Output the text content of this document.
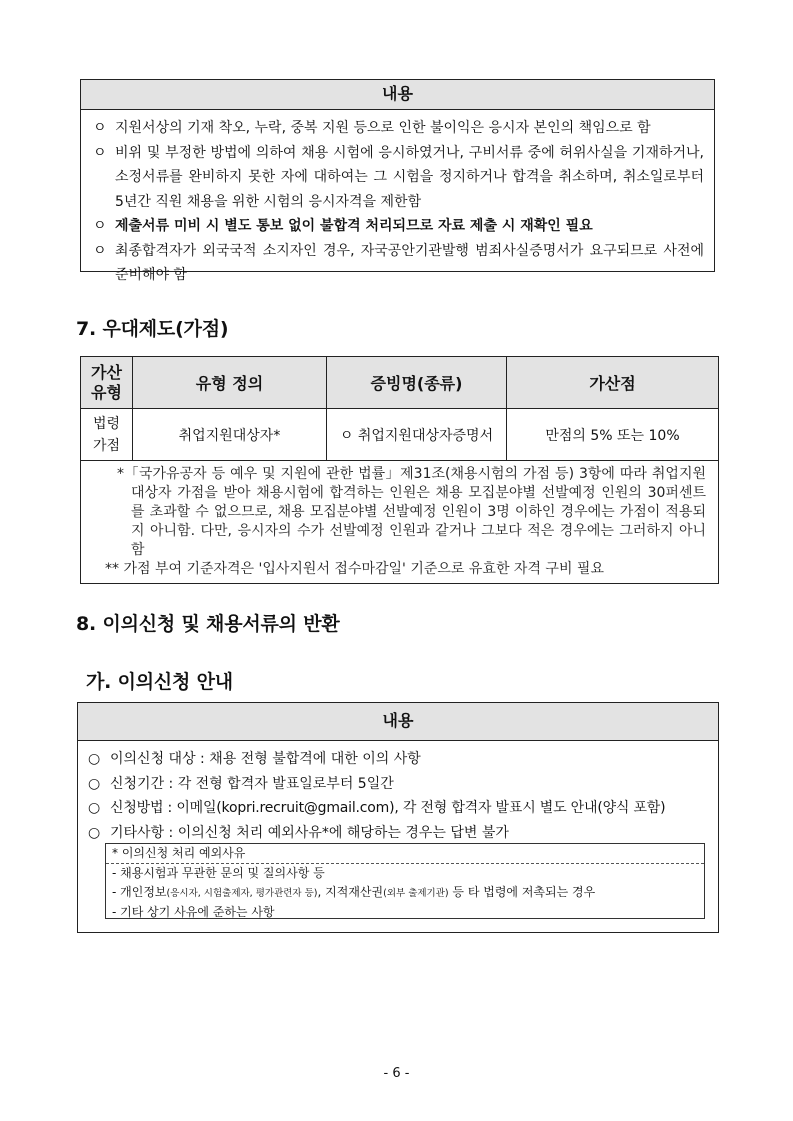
내용
ㅇ 지원서상의 기재 착오, 누락, 중복 지원 등으로 인한 불이익은 응시자 본인의 책임으로 함
ㅇ 비위 및 부정한 방법에 의하여 채용 시험에 응시하였거나, 구비서류 중에 허위사실을 기재하거나, 소정서류를 완비하지 못한 자에 대하여는 그 시험을 정지하거나 합격을 취소하며, 취소일로부터 5년간 직원 채용을 위한 시험의 응시자격을 제한함
ㅇ 제출서류 미비 시 별도 통보 없이 불합격 처리되므로 자료 제출 시 재확인 필요
ㅇ 최종합격자가 외국국적 소지자인 경우, 자국공안기관발행 범죄사실증명서가 요구되므로 사전에 준비해야 함
7. 우대제도(가점)
가산
유형	유형 정의	증빙명(종류)	가산점
법령
가점	취업지원대상자*	ㅇ 취업지원대상자증명서	만점의 5% 또는 10%

*「국가유공자 등 예우 및 지원에 관한 법률」제31조(채용시험의 가점 등) 3항에 따라 취업지원대상자 가점을 받아 채용시험에 합격하는 인원은 채용 모집분야별 선발예정 인원의 30퍼센트를 초과할 수 없으므로, 채용 모집분야별 선발예정 인원이 3명 이하인 경우에는 가점이 적용되지 아니함. 다만, 응시자의 수가 선발예정 인원과 같거나 그보다 적은 경우에는 그러하지 아니함
** 가점 부여 기준자격은 '입사지원서 접수마감일' 기준으로 유효한 자격 구비 필요			
8. 이의신청 및 채용서류의 반환
가. 이의신청 안내
내용
○ 이의신청 대상 : 채용 전형 불합격에 대한 이의 사항
○ 신청기간 : 각 전형 합격자 발표일로부터 5일간
○ 신청방법 : 이메일(kopri.recruit@gmail.com), 각 전형 합격자 발표시 별도 안내(양식 포함)
○ 기타사항 : 이의신청 처리 예외사유*에 해당하는 경우는 답변 불가
* 이의신청 처리 예외사유
- 채용시험과 무관한 문의 및 질의사항 등
- 개인정보(응시자, 시험출제자, 평가관련자 등), 지적재산권(외부 출제기관) 등 타 법령에 저촉되는 경우
- 기타 상기 사유에 준하는 사항
- 6 -
